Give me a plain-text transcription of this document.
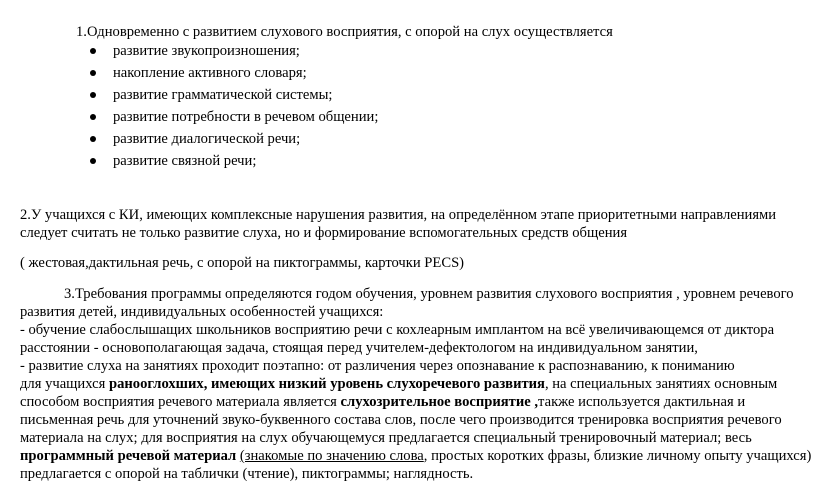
1.Одновременно с развитием слухового восприятия, с опорой на слух осуществляется
развитие звукопроизношения;
накопление активного словаря;
развитие грамматической системы;
развитие потребности в речевом общении;
развитие диалогической речи;
развитие связной речи;
2.У учащихся с КИ, имеющих комплексные нарушения развития, на определённом этапе приоритетными направлениями
следует считать не только развитие слуха, но и формирование вспомогательных средств общения
( жестовая,дактильная речь, с опорой на пиктограммы, карточки PECS)
3.Требования программы определяются годом обучения, уровнем развития слухового восприятия , уровнем речевого
развития детей, индивидуальных особенностей учащихся:
- обучение слабослышащих школьников восприятию речи с кохлеарным имплантом на всё увеличивающемся от диктора
расстоянии - основополагающая задача, стоящая перед учителем-дефектологом на индивидуальном занятии,
- развитие слуха на занятиях проходит поэтапно: от различения через опознавание к распознаванию, к пониманию
для учащихся ранооглохших, имеющих низкий уровень слухоречевого развития, на специальных занятиях основным
способом восприятия речевого материала является слухозрительное восприятие ,также используется дактильная и
письменная речь для уточнений звуко-буквенного состава слов, после чего производится тренировка восприятия речевого
материала на слух; для восприятия на слух обучающемуся предлагается специальный тренировочный материал; весь
программный речевой материал (знакомые по значению слова, простых коротких фразы, близкие личному опыту учащихся)
предлагается с опорой на таблички (чтение), пиктограммы; наглядность.
